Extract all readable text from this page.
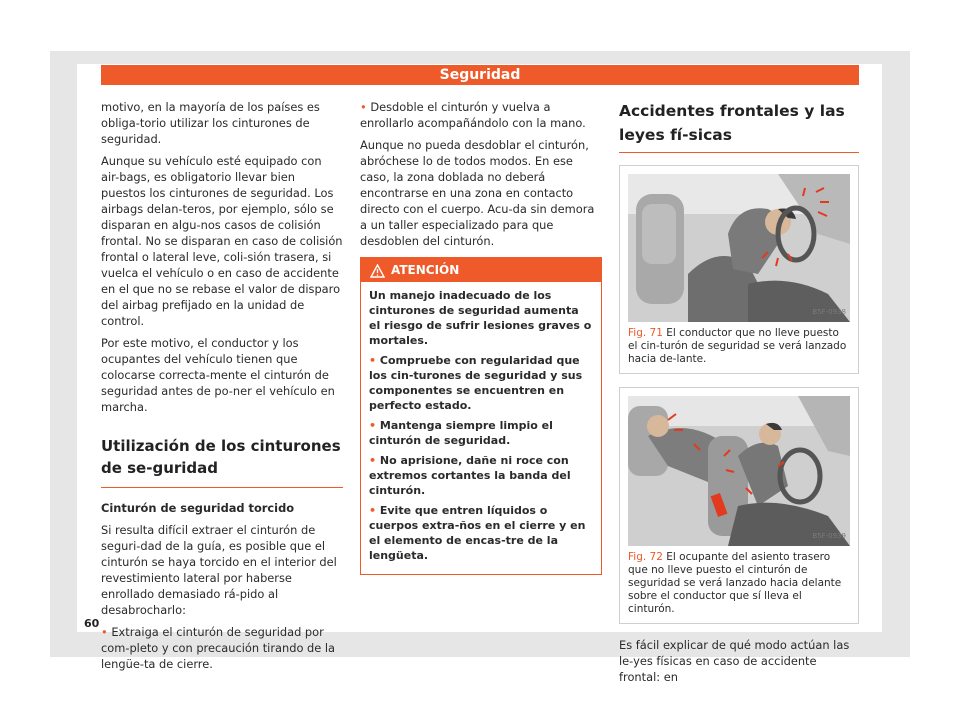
Seguridad

motivo, en la mayoría de los países es obliga-torio utilizar los cinturones de seguridad.

Aunque su vehículo esté equipado con air-bags, es obligatorio llevar bien puestos los cinturones de seguridad. Los airbags delan-teros, por ejemplo, sólo se disparan en algu-nos casos de colisión frontal. No se disparan en caso de colisión frontal o lateral leve, coli-sión trasera, si vuelca el vehículo o en caso de accidente en el que no se rebase el valor de disparo del airbag prefijado en la unidad de control.

Por este motivo, el conductor y los ocupantes del vehículo tienen que colocarse correcta-mente el cinturón de seguridad antes de po-ner el vehículo en marcha.

Utilización de los cinturones de se-guridad

Cinturón de seguridad torcido

Si resulta difícil extraer el cinturón de seguri-dad de la guía, es posible que el cinturón se haya torcido en el interior del revestimiento lateral por haberse enrollado demasiado rá-pido al desabrocharlo:

• Extraiga el cinturón de seguridad por com-pleto y con precaución tirando de la lengüe-ta de cierre.

• Desdoble el cinturón y vuelva a enrollarlo acompañándolo con la mano.

Aunque no pueda desdoblar el cinturón, abróchese lo de todos modos. En ese caso, la zona doblada no deberá encontrarse en una zona en contacto directo con el cuerpo. Acu-da sin demora a un taller especializado para que desdoblen del cinturón.

ATENCIÓN

Un manejo inadecuado de los cinturones de seguridad aumenta el riesgo de sufrir lesiones graves o mortales.

• Compruebe con regularidad que los cin-turones de seguridad y sus componentes se encuentren en perfecto estado.

• Mantenga siempre limpio el cinturón de seguridad.

• No aprisione, dañe ni roce con extremos cortantes la banda del cinturón.

• Evite que entren líquidos o cuerpos extra-ños en el cierre y en el elemento de encas-tre de la lengüeta.

Accidentes frontales y las leyes fí-sicas
B5F-0938
Fig. 71 El conductor que no lleve puesto el cin-turón de seguridad se verá lanzado hacia de-lante.
B5F-0939
Fig. 72 El ocupante del asiento trasero que no lleve puesto el cinturón de seguridad se verá lanzado hacia delante sobre el conductor que sí lleva el cinturón.

Es fácil explicar de qué modo actúan las le-yes físicas en caso de accidente frontal: en

60
